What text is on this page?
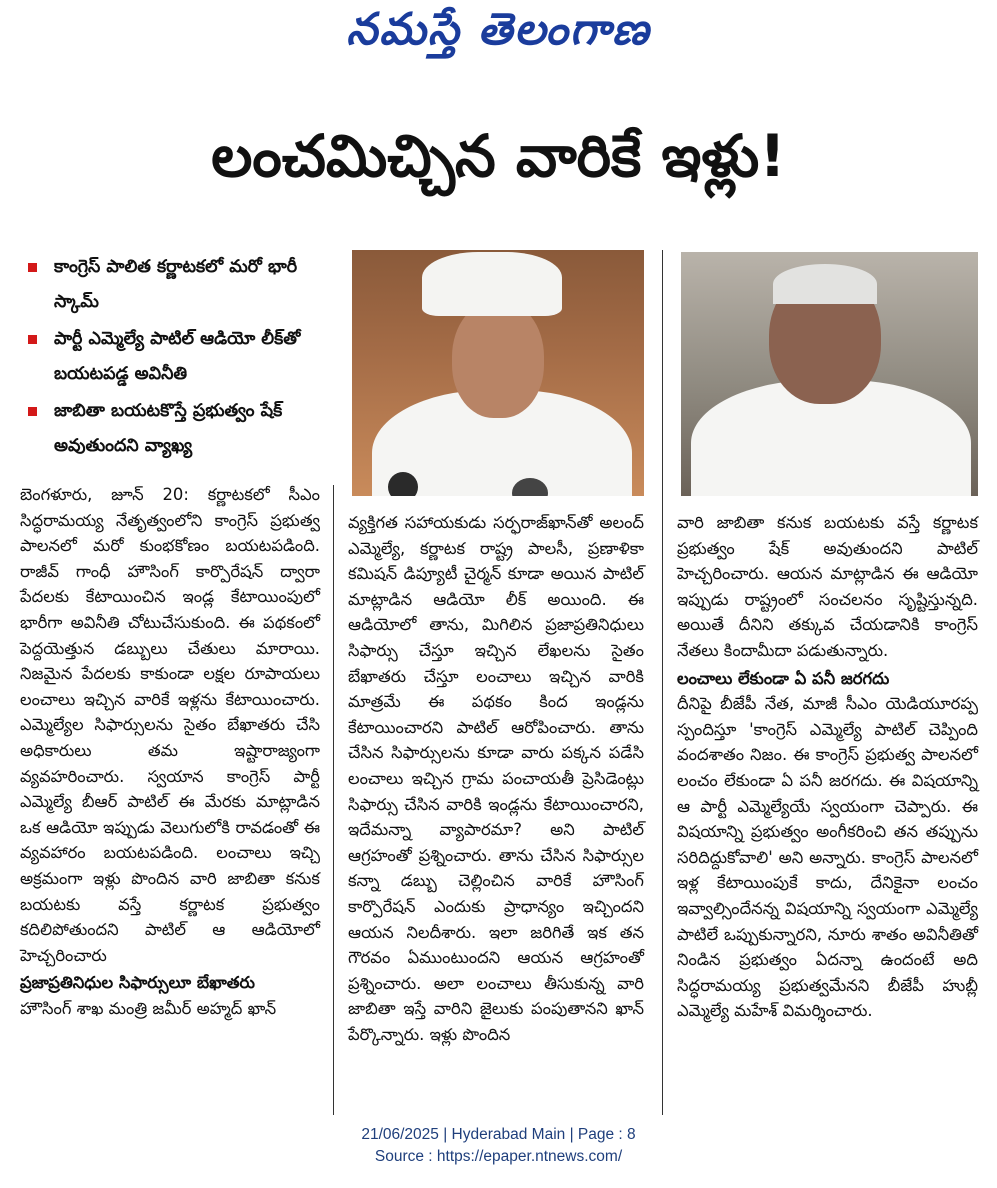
నమస్తే తెలంగాణ
లంచమిచ్చిన వారికే ఇళ్లు!
కాంగ్రెస్ పాలిత కర్ణాటకలో మరో భారీ స్కామ్
పార్టీ ఎమ్మెల్యే పాటిల్ ఆడియో లీక్‌తో బయటపడ్డ అవినీతి
జాబితా బయటకొస్తే ప్రభుత్వం షేక్ అవుతుందని వ్యాఖ్య

బెంగళూరు, జూన్ 20: కర్ణాటకలో సీఎం సిద్ధరామయ్య నేతృత్వంలోని కాంగ్రెస్ ప్రభుత్వ పాలనలో మరో కుంభకోణం బయటపడింది. రాజీవ్ గాంధీ హౌసింగ్ కార్పొరేషన్ ద్వారా పేదలకు కేటాయించిన ఇండ్ల కేటాయింపులో భారీగా అవినీతి చోటుచేసుకుంది. ఈ పథకంలో పెద్దయెత్తున డబ్బులు చేతులు మారాయి. నిజమైన పేదలకు కాకుండా లక్షల రూపాయలు లంచాలు ఇచ్చిన వారికే ఇళ్లను కేటాయించారు. ఎమ్మెల్యేల సిఫార్సులను సైతం బేఖాతరు చేసి అధికారులు తమ ఇష్టారాజ్యంగా వ్యవహరించారు. స్వయాన కాంగ్రెస్ పార్టీ ఎమ్మెల్యే బీఆర్ పాటిల్ ఈ మేరకు మాట్లాడిన ఒక ఆడియో ఇప్పుడు వెలుగులోకి రావడంతో ఈ వ్యవహారం బయటపడింది. లంచాలు ఇచ్చి అక్రమంగా ఇళ్లు పొందిన వారి జాబితా కనుక బయటకు వస్తే కర్ణాటక ప్రభుత్వం కదిలిపోతుందని పాటిల్ ఆ ఆడియోలో హెచ్చరించారు

ప్రజాప్రతినిధుల సిఫార్సులూ బేఖాతరు

హౌసింగ్ శాఖ మంత్రి జమీర్ అహ్మద్ ఖాన్

వ్యక్తిగత సహాయకుడు సర్ఫరాజ్‌ఖాన్‌తో అలంద్ ఎమ్మెల్యే, కర్ణాటక రాష్ట్ర పాలసీ, ప్రణాళికా కమిషన్ డిప్యూటీ చైర్మన్ కూడా అయిన పాటిల్ మాట్లాడిన ఆడియో లీక్ అయింది. ఈ ఆడియోలో తాను, మిగిలిన ప్రజాప్రతినిధులు సిఫార్సు చేస్తూ ఇచ్చిన లేఖలను సైతం బేఖాతరు చేస్తూ లంచాలు ఇచ్చిన వారికి మాత్రమే ఈ పథకం కింద ఇండ్లను కేటాయించారని పాటిల్ ఆరోపించారు. తాను చేసిన సిఫార్సులను కూడా వారు పక్కన పడేసి లంచాలు ఇచ్చిన గ్రామ పంచాయతీ ప్రెసిడెంట్లు సిఫార్సు చేసిన వారికి ఇండ్లను కేటాయించారని, ఇదేమన్నా వ్యాపారమా? అని పాటిల్ ఆగ్రహంతో ప్రశ్నించారు. తాను చేసిన సిఫార్సుల కన్నా డబ్బు చెల్లించిన వారికే హౌసింగ్ కార్పొరేషన్ ఎందుకు ప్రాధాన్యం ఇచ్చిందని ఆయన నిలదీశారు. ఇలా జరిగితే ఇక తన గౌరవం ఏముంటుందని ఆయన ఆగ్రహంతో ప్రశ్నించారు. అలా లంచాలు తీసుకున్న వారి జాబితా ఇస్తే వారిని జైలుకు పంపుతానని ఖాన్ పేర్కొన్నారు. ఇళ్లు పొందిన

వారి జాబితా కనుక బయటకు వస్తే కర్ణాటక ప్రభుత్వం షేక్ అవుతుందని పాటిల్ హెచ్చరించారు. ఆయన మాట్లాడిన ఈ ఆడియో ఇప్పుడు రాష్ట్రంలో సంచలనం సృష్టిస్తున్నది. అయితే దీనిని తక్కువ చేయడానికి కాంగ్రెస్ నేతలు కిందామీదా పడుతున్నారు.

లంచాలు లేకుండా ఏ పనీ జరగదు

దీనిపై బీజేపీ నేత, మాజీ సీఎం యెడియూరప్ప స్పందిస్తూ 'కాంగ్రెస్ ఎమ్మెల్యే పాటిల్ చెప్పింది వందశాతం నిజం. ఈ కాంగ్రెస్ ప్రభుత్వ పాలనలో లంచం లేకుండా ఏ పనీ జరగదు. ఈ విషయాన్ని ఆ పార్టీ ఎమ్మెల్యేయే స్వయంగా చెప్పారు. ఈ విషయాన్ని ప్రభుత్వం అంగీకరించి తన తప్పును సరిదిద్దుకోవాలి' అని అన్నారు. కాంగ్రెస్ పాలనలో ఇళ్ల కేటాయింపుకే కాదు, దేనికైనా లంచం ఇవ్వాల్సిందేనన్న విషయాన్ని స్వయంగా ఎమ్మెల్యే పాటిలే ఒప్పుకున్నారని, నూరు శాతం అవినీతితో నిండిన ప్రభుత్వం ఏదన్నా ఉందంటే అది సిద్ధరామయ్య ప్రభుత్వమేనని బీజేపీ హుబ్లీ ఎమ్మెల్యే మహేశ్ విమర్శించారు.

21/06/2025 | Hyderabad Main | Page : 8
Source : https://epaper.ntnews.com/
